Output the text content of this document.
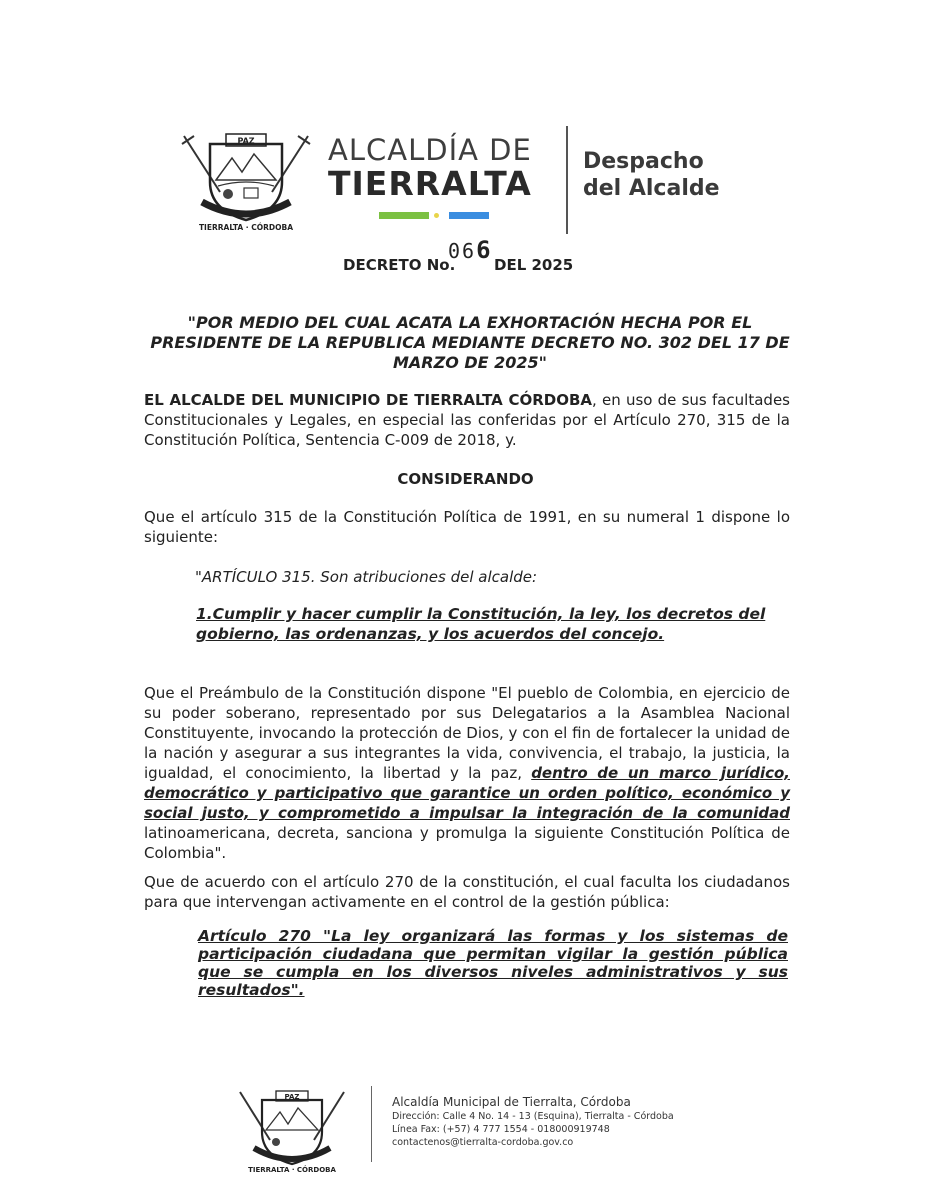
PAZ
TIERRALTA · CÓRDOBA
ALCALDÍA DE
TIERRALTA
Despacho
del Alcalde
DECRETO No.
066
DEL 2025
"POR MEDIO DEL CUAL ACATA LA EXHORTACIÓN HECHA POR EL PRESIDENTE DE LA REPUBLICA MEDIANTE DECRETO NO. 302 DEL 17 DE MARZO DE 2025"
EL ALCALDE DEL MUNICIPIO DE TIERRALTA CÓRDOBA, en uso de sus facultades Constitucionales y Legales, en especial las conferidas por el Artículo 270, 315 de la Constitución Política, Sentencia C-009 de 2018, y.
CONSIDERANDO
Que el artículo 315 de la Constitución Política de 1991, en su numeral 1 dispone lo siguiente:
"ARTÍCULO 315. Son atribuciones del alcalde:
1.Cumplir y hacer cumplir la Constitución, la ley, los decretos del gobierno, las ordenanzas, y los acuerdos del concejo.
Que el Preámbulo de la Constitución dispone "El pueblo de Colombia, en ejercicio de su poder soberano, representado por sus Delegatarios a la Asamblea Nacional Constituyente, invocando la protección de Dios, y con el fin de fortalecer la unidad de la nación y asegurar a sus integrantes la vida, convivencia, el trabajo, la justicia, la igualdad, el conocimiento, la libertad y la paz, dentro de un marco jurídico, democrático y participativo que garantice un orden político, económico y social justo, y comprometido a impulsar la integración de la comunidad latinoamericana, decreta, sanciona y promulga la siguiente Constitución Política de Colombia".
Que de acuerdo con el artículo 270 de la constitución, el cual faculta los ciudadanos para que intervengan activamente en el control de la gestión pública:
Artículo 270 "La ley organizará las formas y los sistemas de participación ciudadana que permitan vigilar la gestión pública que se cumpla en los diversos niveles administrativos y sus resultados".
PAZ
TIERRALTA · CÓRDOBA
Alcaldía Municipal de Tierralta, Córdoba
Dirección: Calle 4 No. 14 - 13 (Esquina), Tierralta - Córdoba
Línea Fax: (+57) 4 777 1554 - 018000919748
contactenos@tierralta-cordoba.gov.co
